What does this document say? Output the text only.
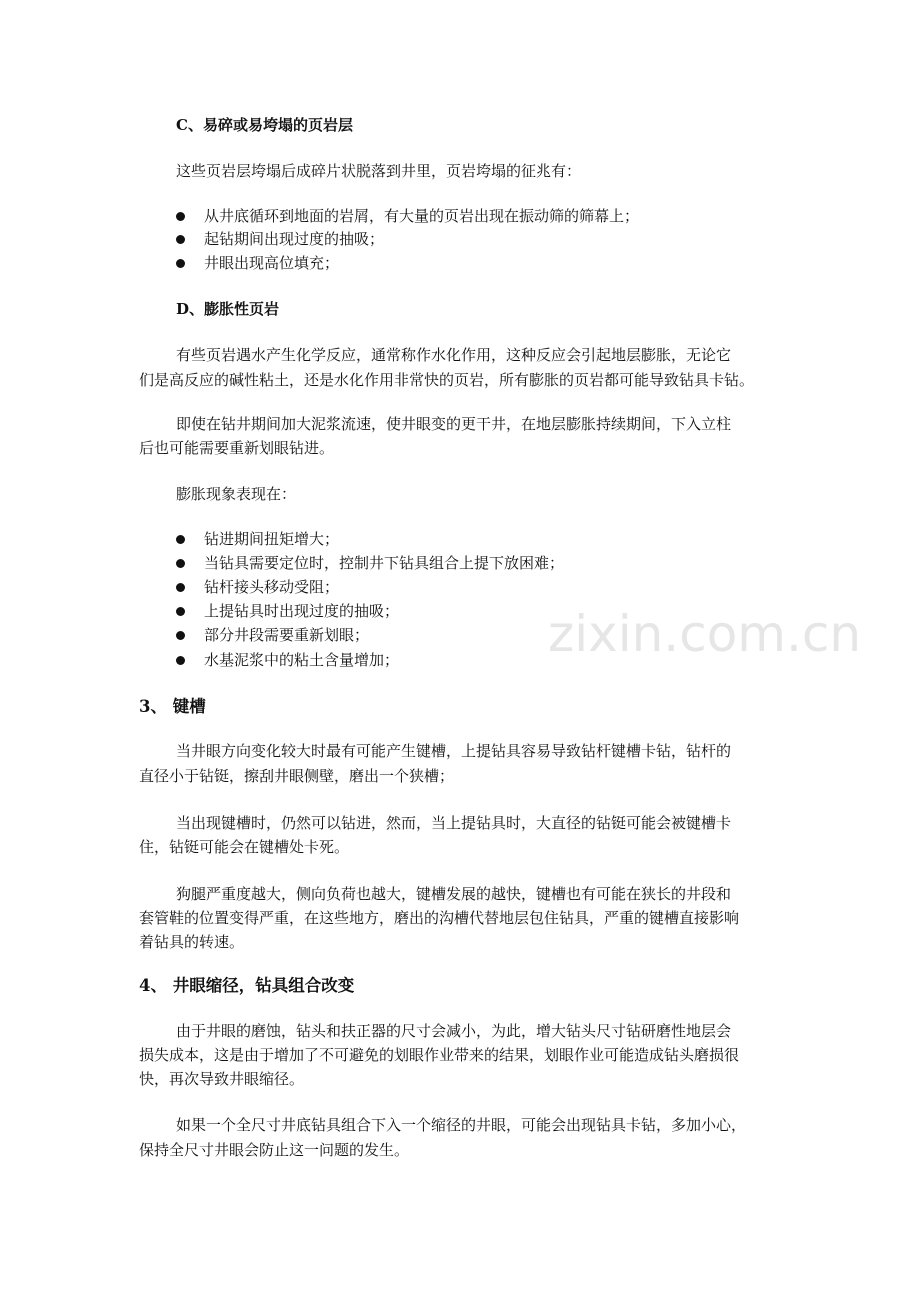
C、易碎或易垮塌的页岩层
这些页岩层垮塌后成碎片状脱落到井里，页岩垮塌的征兆有：
从井底循环到地面的岩屑，有大量的页岩出现在振动筛的筛幕上；
起钻期间出现过度的抽吸；
井眼出现高位填充；
D、膨胀性页岩
有些页岩遇水产生化学反应，通常称作水化作用，这种反应会引起地层膨胀，无论它
们是高反应的碱性粘土，还是水化作用非常快的页岩，所有膨胀的页岩都可能导致钻具卡钻。
即使在钻井期间加大泥浆流速，使井眼变的更干井，在地层膨胀持续期间，下入立柱
后也可能需要重新划眼钻进。
膨胀现象表现在：
钻进期间扭矩增大；
当钻具需要定位时，控制井下钻具组合上提下放困难；
钻杆接头移动受阻；
上提钻具时出现过度的抽吸；
部分井段需要重新划眼；
水基泥浆中的粘土含量增加；
3、 键槽
当井眼方向变化较大时最有可能产生键槽，上提钻具容易导致钻杆键槽卡钻，钻杆的
直径小于钻铤，擦刮井眼侧壁，磨出一个狭槽；
当出现键槽时，仍然可以钻进，然而，当上提钻具时，大直径的钻铤可能会被键槽卡
住，钻铤可能会在键槽处卡死。
狗腿严重度越大，侧向负荷也越大，键槽发展的越快，键槽也有可能在狭长的井段和
套管鞋的位置变得严重，在这些地方，磨出的沟槽代替地层包住钻具，严重的键槽直接影响
着钻具的转速。
4、 井眼缩径，钻具组合改变
由于井眼的磨蚀，钻头和扶正器的尺寸会减小，为此，增大钻头尺寸钻研磨性地层会
损失成本，这是由于增加了不可避免的划眼作业带来的结果，划眼作业可能造成钻头磨损很
快，再次导致井眼缩径。
如果一个全尺寸井底钻具组合下入一个缩径的井眼，可能会出现钻具卡钻，多加小心，
保持全尺寸井眼会防止这一问题的发生。
zixin.com.cn
